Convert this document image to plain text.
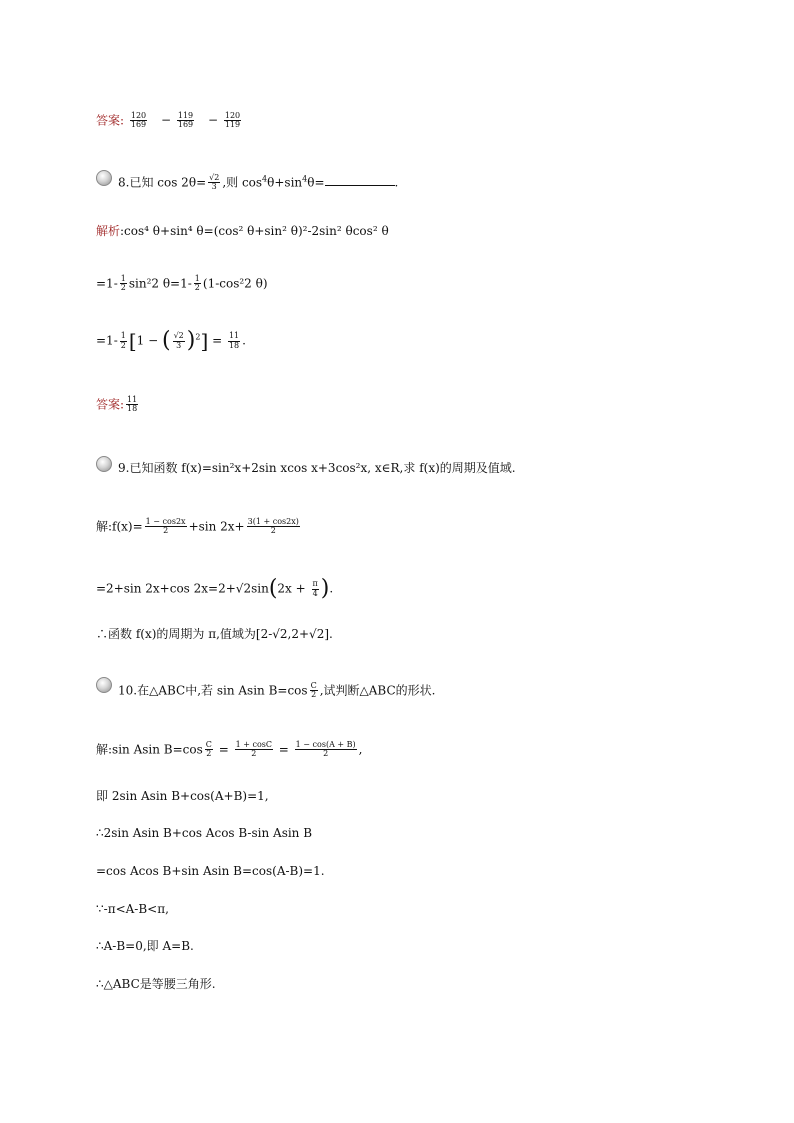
答案: $\frac{120}{169} - \frac{119}{169} - \frac{120}{119}$
8.已知 $\cos 2\theta= \frac{√2}{3}$ ,则 $\cos^4\theta+\sin^4\theta=$	.
解析:cos⁴ θ+sin⁴ θ=(cos² θ+sin² θ)²-2sin² θcos² θ
$=1- \frac{1}{2} \sin^22$ $\theta=1- \frac{1}{2} (1-\cos^22$ θ)
$=1- \frac{1}{2} [1$ − ( $\frac{√2}{3} )^2] = \frac{11}{18}$ .
答案: $\frac{11}{18}$
9.已知函数 f(x)=sin²x+2sin xcos x+3cos²x, x∈R,求 f(x)的周期及值域.
解:f(x)= $\frac{1 - \cos 2x}{2} +\sin$ $2x+ \frac{3(1 + \cos 2x)}{2}$
=2+sin 2x+cos $2x=2+√2\sin(2x + \frac{\pi}{4}$ ).
∴函数 f(x)的周期为 π,值域为[2-√2,2+√2].
10.在△ABC中,若 sin Asin $B=\cos \frac{C}{2}$ ,试判断△ABC的形状.
解:sin Asin $B=\cos \frac{C}{2} = \frac{1 + \cos C}{2} = \frac{1 - \cos(A + B)}{2}$ ,
即 2sin Asin B+cos(A+B)=1,
∴2sin Asin B+cos Acos B-sin Asin B
=cos Acos B+sin Asin B=cos(A-B)=1.
∵-π<A-B<π,
∴A-B=0,即 A=B.
∴△ABC是等腰三角形.
